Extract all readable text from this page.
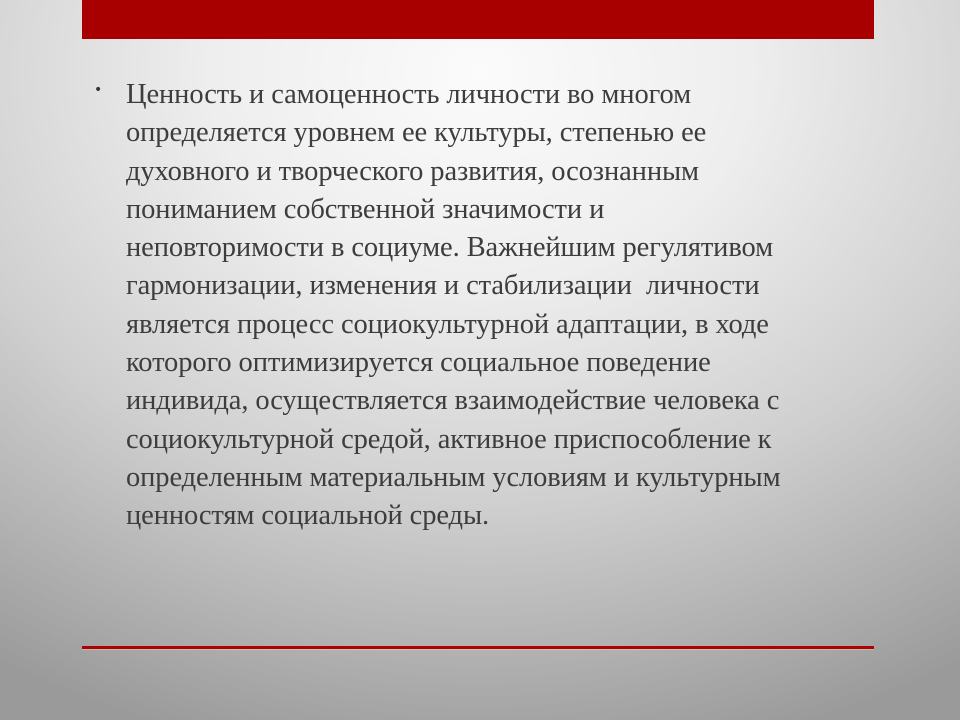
• Ценность и самоценность личности во многом
определяется уровнем ее культуры, степенью ее
духовного и творческого развития, осознанным
пониманием собственной значимости и
неповторимости в социуме. Важнейшим регулятивом
гармонизации, изменения и стабилизации  личности
является процесс социокультурной адаптации, в ходе
которого оптимизируется социальное поведение
индивида, осуществляется взаимодействие человека с
социокультурной средой, активное приспособление к
определенным материальным условиям и культурным
ценностям социальной среды.
